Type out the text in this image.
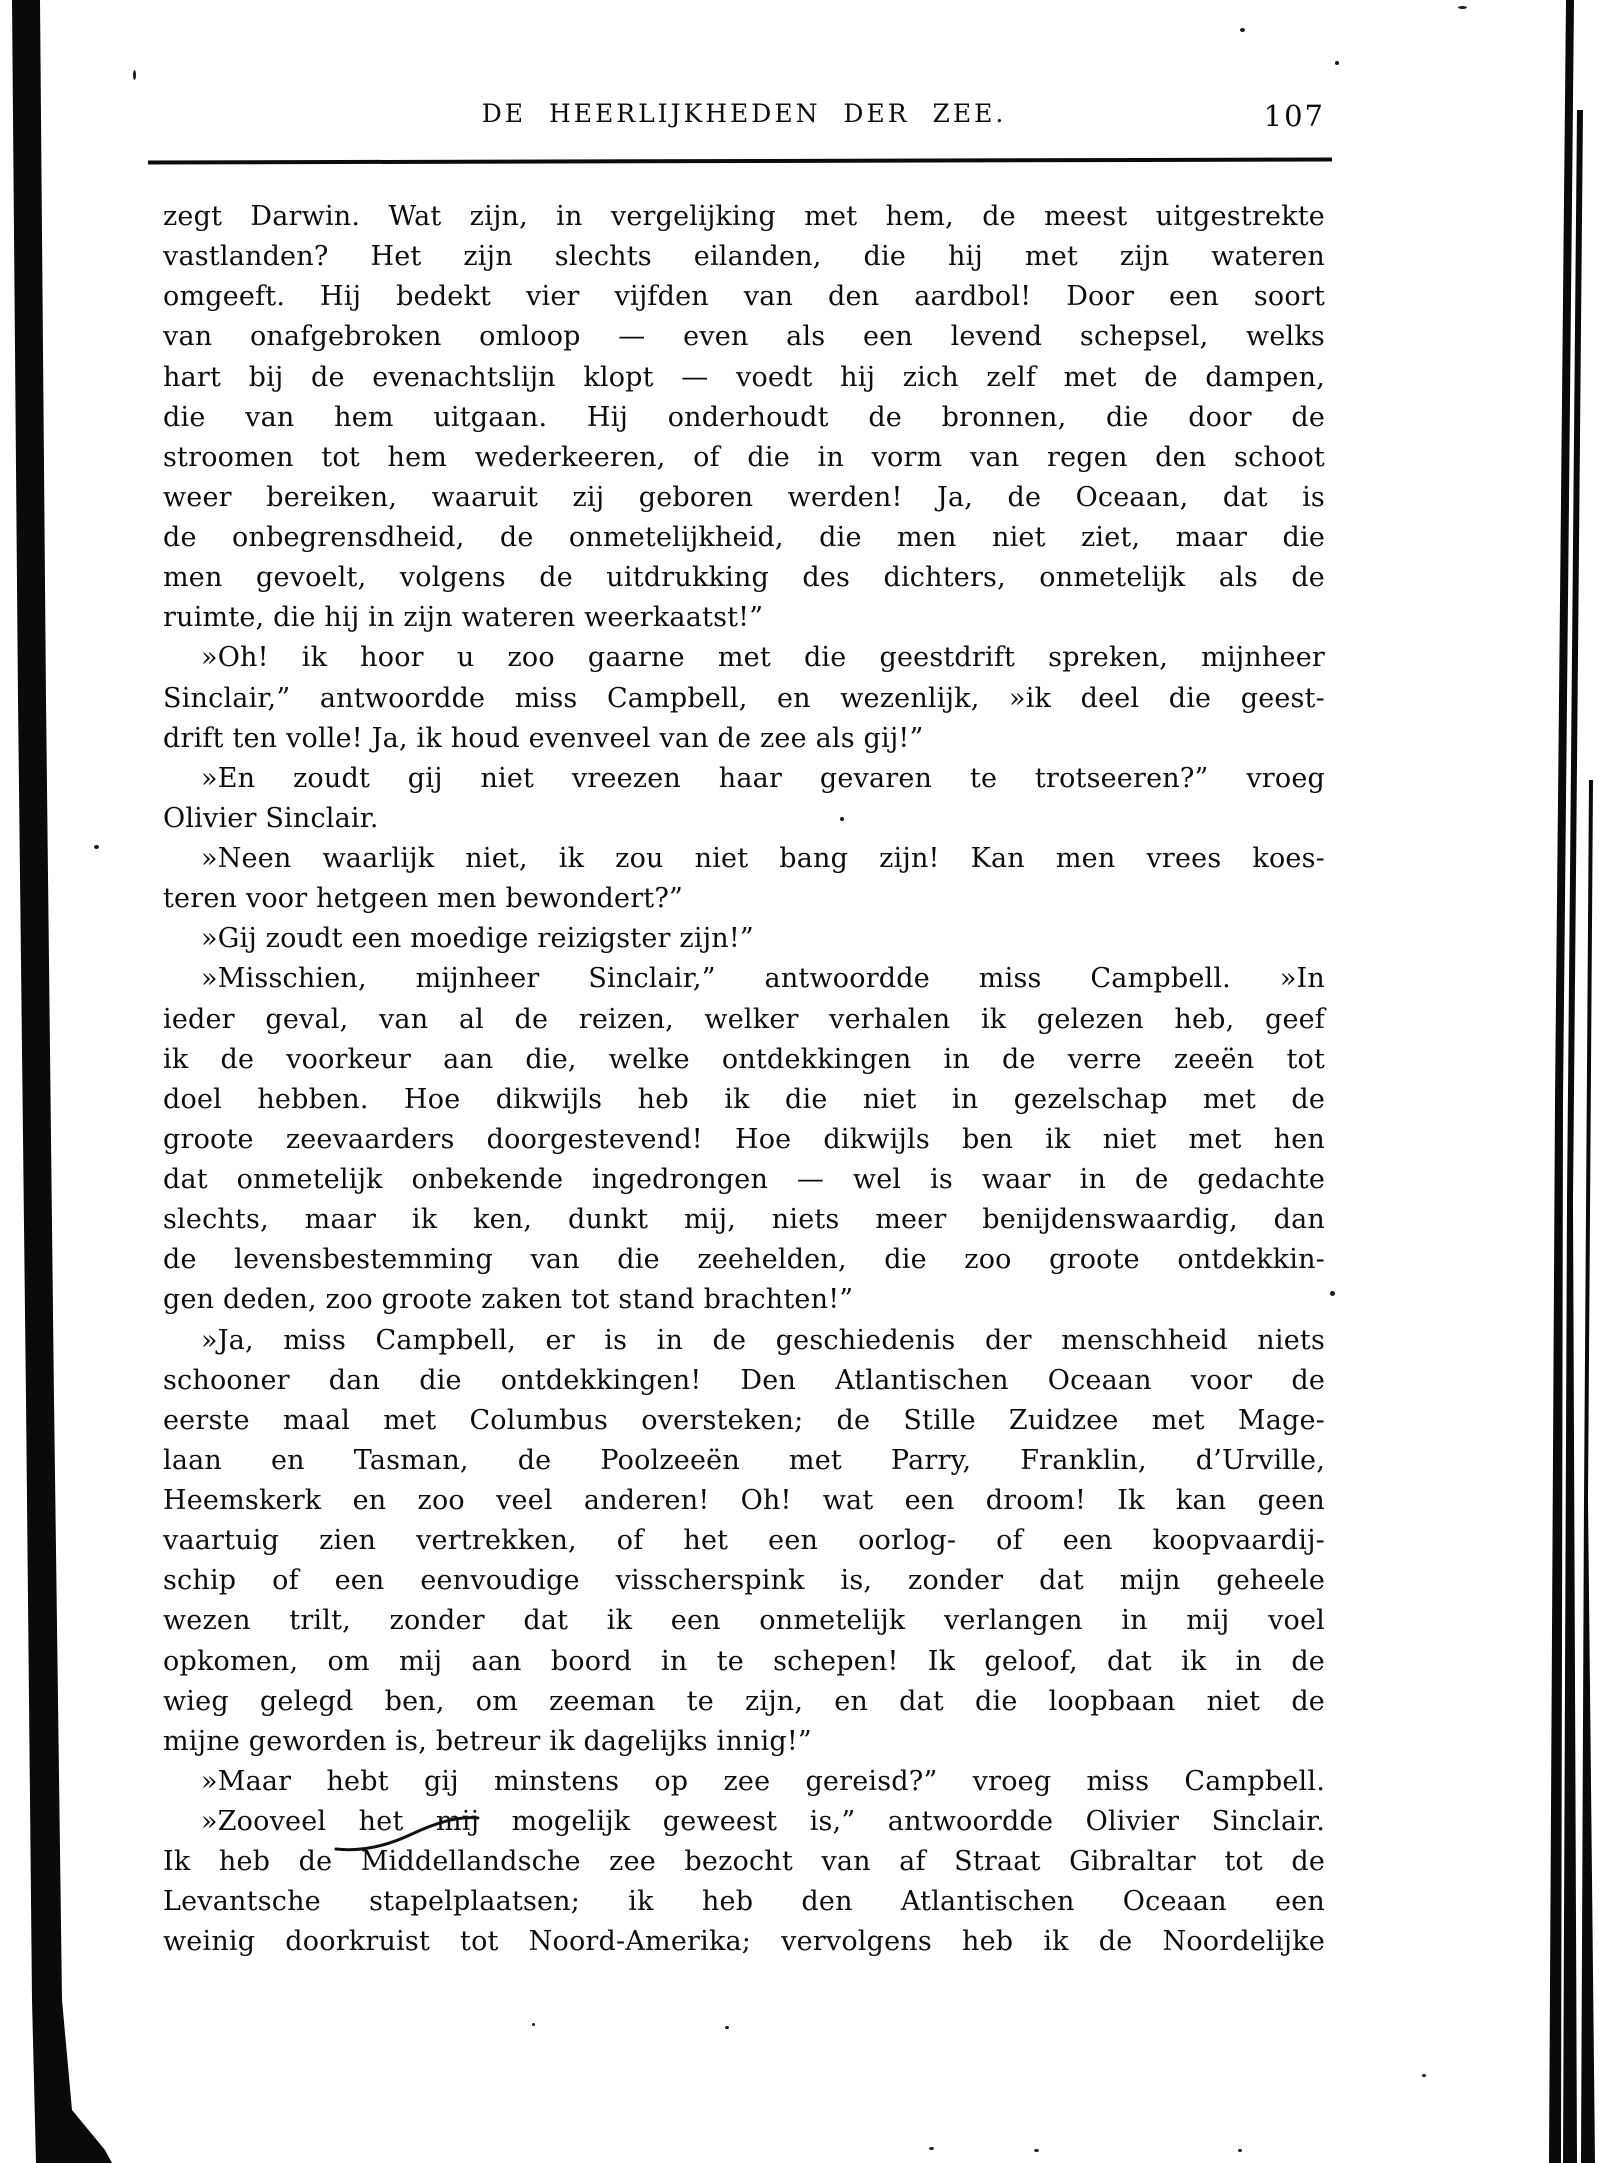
DE HEERLIJKHEDEN DER ZEE.	107
zegt Darwin. Wat zijn, in vergelijking met hem, de meest uitgestrekte
vastlanden? Het zijn slechts eilanden, die hij met zijn wateren
omgeeft. Hij bedekt vier vijfden van den aardbol! Door een soort
van onafgebroken omloop — even als een levend schepsel, welks
hart bij de evenachtslijn klopt — voedt hij zich zelf met de dampen,
die van hem uitgaan. Hij onderhoudt de bronnen, die door de
stroomen tot hem wederkeeren, of die in vorm van regen den schoot
weer bereiken, waaruit zij geboren werden! Ja, de Oceaan, dat is
de onbegrensdheid, de onmetelijkheid, die men niet ziet, maar die
men gevoelt, volgens de uitdrukking des dichters, onmetelijk als de
ruimte, die hij in zijn wateren weerkaatst!”
»Oh! ik hoor u zoo gaarne met die geestdrift spreken, mijnheer
Sinclair,” antwoordde miss Campbell, en wezenlijk, »ik deel die geest-
drift ten volle! Ja, ik houd evenveel van de zee als gij!”
»En zoudt gij niet vreezen haar gevaren te trotseeren?” vroeg
Olivier Sinclair.
»Neen waarlijk niet, ik zou niet bang zijn! Kan men vrees koes-
teren voor hetgeen men bewondert?”
»Gij zoudt een moedige reizigster zijn!”
»Misschien, mijnheer Sinclair,” antwoordde miss Campbell. »In
ieder geval, van al de reizen, welker verhalen ik gelezen heb, geef
ik de voorkeur aan die, welke ontdekkingen in de verre zeeën tot
doel hebben. Hoe dikwijls heb ik die niet in gezelschap met de
groote zeevaarders doorgestevend! Hoe dikwijls ben ik niet met hen
dat onmetelijk onbekende ingedrongen — wel is waar in de gedachte
slechts, maar ik ken, dunkt mij, niets meer benijdenswaardig, dan
de levensbestemming van die zeehelden, die zoo groote ontdekkin-
gen deden, zoo groote zaken tot stand brachten!”
»Ja, miss Campbell, er is in de geschiedenis der menschheid niets
schooner dan die ontdekkingen! Den Atlantischen Oceaan voor de
eerste maal met Columbus oversteken; de Stille Zuidzee met Mage-
laan en Tasman, de Poolzeeën met Parry, Franklin, d’Urville,
Heemskerk en zoo veel anderen! Oh! wat een droom! Ik kan geen
vaartuig zien vertrekken, of het een oorlog- of een koopvaardij-
schip of een eenvoudige visscherspink is, zonder dat mijn geheele
wezen trilt, zonder dat ik een onmetelijk verlangen in mij voel
opkomen, om mij aan boord in te schepen! Ik geloof, dat ik in de
wieg gelegd ben, om zeeman te zijn, en dat die loopbaan niet de
mijne geworden is, betreur ik dagelijks innig!”
»Maar hebt gij minstens op zee gereisd?” vroeg miss Campbell.
»Zooveel het mij mogelijk geweest is,” antwoordde Olivier Sinclair.
Ik heb de Middellandsche zee bezocht van af Straat Gibraltar tot de
Levantsche stapelplaatsen; ik heb den Atlantischen Oceaan een
weinig doorkruist tot Noord-Amerika; vervolgens heb ik de Noordelijke
